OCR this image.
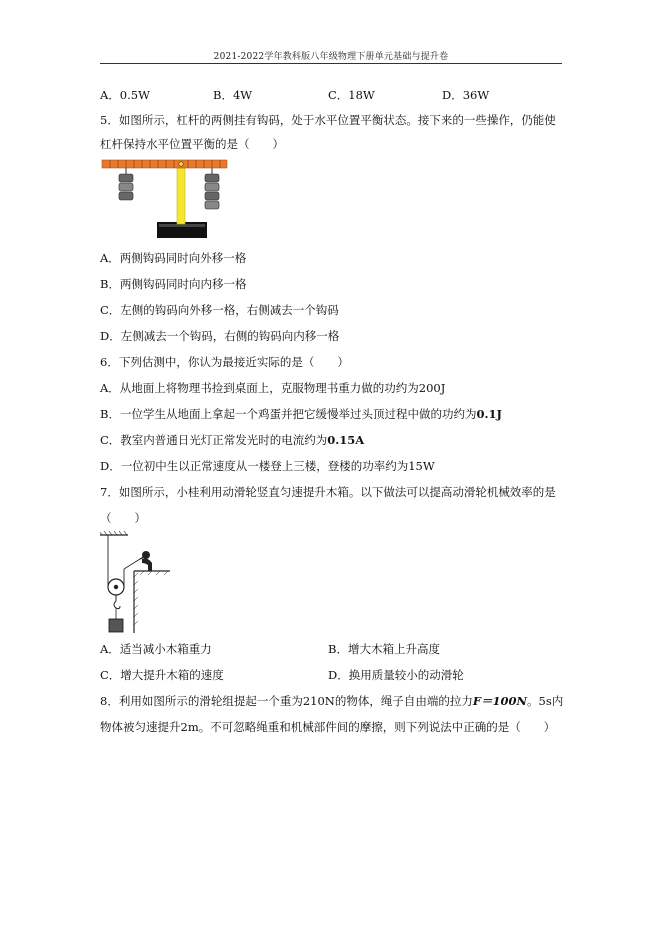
2021-2022学年教科版八年级物理下册单元基础与提升卷
A．0.5W	B．4W	C．18W	D．36W
5．如图所示，杠杆的两侧挂有钩码，处于水平位置平衡状态。接下来的一些操作，仍能使
杠杆保持水平位置平衡的是（　　）
A．两侧钩码同时向外移一格
B．两侧钩码同时向内移一格
C．左侧的钩码向外移一格，右侧减去一个钩码
D．左侧减去一个钩码，右侧的钩码向内移一格
6．下列估测中，你认为最接近实际的是（　　）
A．从地面上将物理书捡到桌面上，克服物理书重力做的功约为200J
B．一位学生从地面上拿起一个鸡蛋并把它缓慢举过头顶过程中做的功约为0.1J
C．教室内普通日光灯正常发光时的电流约为0.15A
D．一位初中生以正常速度从一楼登上三楼，登楼的功率约为15W
7．如图所示，小桂利用动滑轮竖直匀速提升木箱。以下做法可以提高动滑轮机械效率的是
（　　）
A．适当减小木箱重力	B．增大木箱上升高度
C．增大提升木箱的速度	D．换用质量较小的动滑轮
8．利用如图所示的滑轮组提起一个重为210N的物体，绳子自由端的拉力F＝100N。5s内
物体被匀速提升2m。不可忽略绳重和机械部件间的摩擦，则下列说法中正确的是（　　）
